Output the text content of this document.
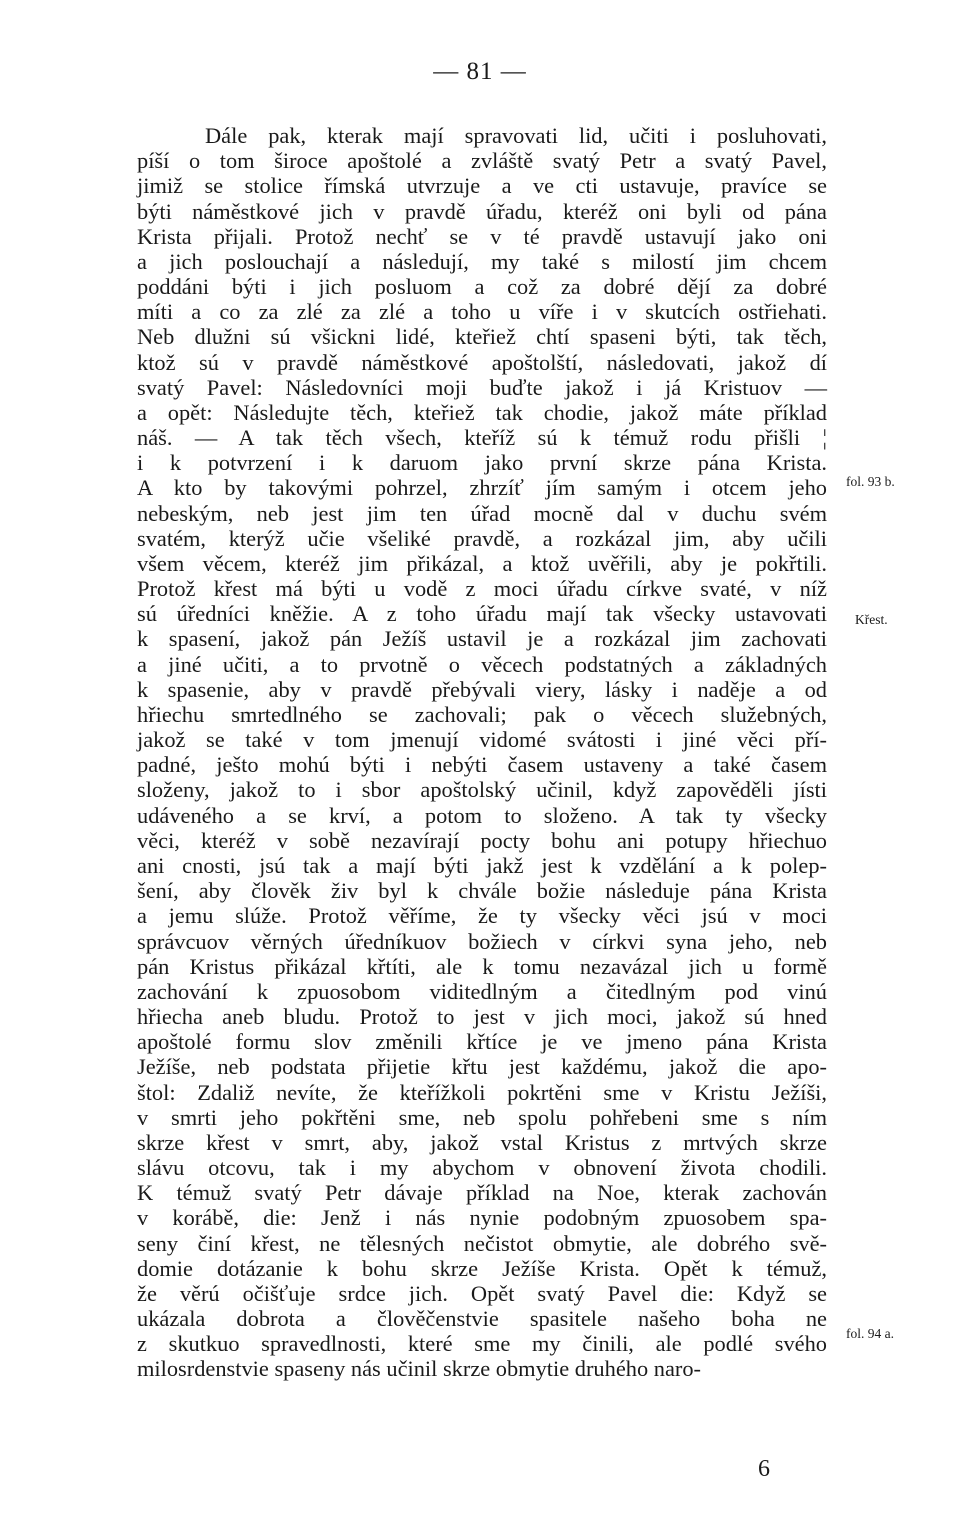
— 81 —
Dále pak, kterak mají spravovati lid, učiti i posluhovati,
píší o tom široce apoštolé a zvláště svatý Petr a svatý Pavel,
jimiž se stolice římská utvrzuje a ve cti ustavuje, pravíce se
býti náměstkové jich v pravdě úřadu, kteréž oni byli od pána
Krista přijali. Protož nechť se v té pravdě ustavují jako oni
a jich poslouchají a následují, my také s milostí jim chcem
poddáni býti i jich posluom a což za dobré dějí za dobré
míti a co za zlé za zlé a toho u víře i v skutcích ostřiehati.
Neb dlužni sú všickni lidé, kteřiež chtí spaseni býti, tak těch,
ktož sú v pravdě náměstkové apoštolští, následovati, jakož dí
svatý Pavel: Následovníci moji buďte jakož i já Kristuov —
a opět: Následujte těch, kteřiež tak chodie, jakož máte příklad
náš. — A tak těch všech, kteříž sú k témuž rodu přišli ¦
i k potvrzení i k daruom jako první skrze pána Krista.
A kto by takovými pohrzel, zhrzíť jím samým i otcem jeho
nebeským, neb jest jim ten úřad mocně dal v duchu svém
svatém, kterýž učie všeliké pravdě, a rozkázal jim, aby učili
všem věcem, kteréž jim přikázal, a ktož uvěřili, aby je pokřtili.
Protož křest má býti u vodě z moci úřadu církve svaté, v níž
sú úředníci kněžie. A z toho úřadu mají tak všecky ustavovati
k spasení, jakož pán Ježíš ustavil je a rozkázal jim zachovati
a jiné učiti, a to prvotně o věcech podstatných a základných
k spasenie, aby v pravdě přebývali viery, lásky i naděje a od
hřiechu smrtedlného se zachovali; pak o věcech služebných,
jakož se také v tom jmenují vidomé svátosti i jiné věci pří-
padné, ješto mohú býti i nebýti časem ustaveny a také časem
složeny, jakož to i sbor apoštolský učinil, když zapověděli jísti
udáveného a se krví, a potom to složeno. A tak ty všecky
věci, kteréž v sobě nezavírají pocty bohu ani potupy hřiechuo
ani cnosti, jsú tak a mají býti jakž jest k vzdělání a k polep-
šení, aby člověk živ byl k chvále božie následuje pána Krista
a jemu slúže. Protož věříme, že ty všecky věci jsú v moci
správcuov věrných úředníkuov božiech v církvi syna jeho, neb
pán Kristus přikázal křtíti, ale k tomu nezavázal jich u formě
zachování k zpuosobom viditedlným a čitedlným pod vinú
hřiecha aneb bludu. Protož to jest v jich moci, jakož sú hned
apoštolé formu slov změnili křtíce je ve jmeno pána Krista
Ježíše, neb podstata přijetie křtu jest každému, jakož die apo-
štol: Zdaliž nevíte, že kteřížkoli pokrtěni sme v Kristu Ježíši,
v smrti jeho pokřtěni sme, neb spolu pohřebeni sme s ním
skrze křest v smrt, aby, jakož vstal Kristus z mrtvých skrze
slávu otcovu, tak i my abychom v obnovení života chodili.
K témuž svatý Petr dávaje příklad na Noe, kterak zachován
v korábě, die: Jenž i nás nynie podobným zpuosobem spa-
seny činí křest, ne tělesných nečistot obmytie, ale dobrého svě-
domie dotázanie k bohu skrze Ježíše Krista. Opět k témuž,
že věrú očišťuje srdce jich. Opět svatý Pavel die: Když se
ukázala dobrota a člověčenstvie spasitele našeho boha ne
z skutkuo spravedlnosti, které sme my činili, ale podlé svého
milosrdenstvie spaseny nás učinil skrze obmytie druhého naro-
fol. 93 b.
Křest.
fol. 94 a.
6
